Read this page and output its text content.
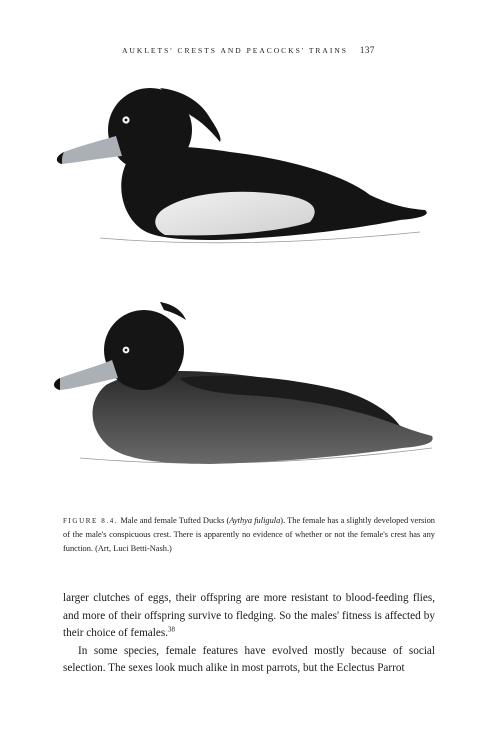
AUKLETS' CRESTS AND PEACOCKS' TRAINS 137
FIGURE 8.4. Male and female Tufted Ducks (Aythya fuligula). The female has a slightly developed version of the male's conspicuous crest. There is apparently no evidence of whether or not the female's crest has any function. (Art, Luci Betti-Nash.)

larger clutches of eggs, their offspring are more resistant to blood-feeding flies, and more of their offspring survive to fledging. So the males' fitness is affected by their choice of females.$^{38}$

In some species, female features have evolved mostly because of social selection. The sexes look much alike in most parrots, but the Eclectus Parrot
